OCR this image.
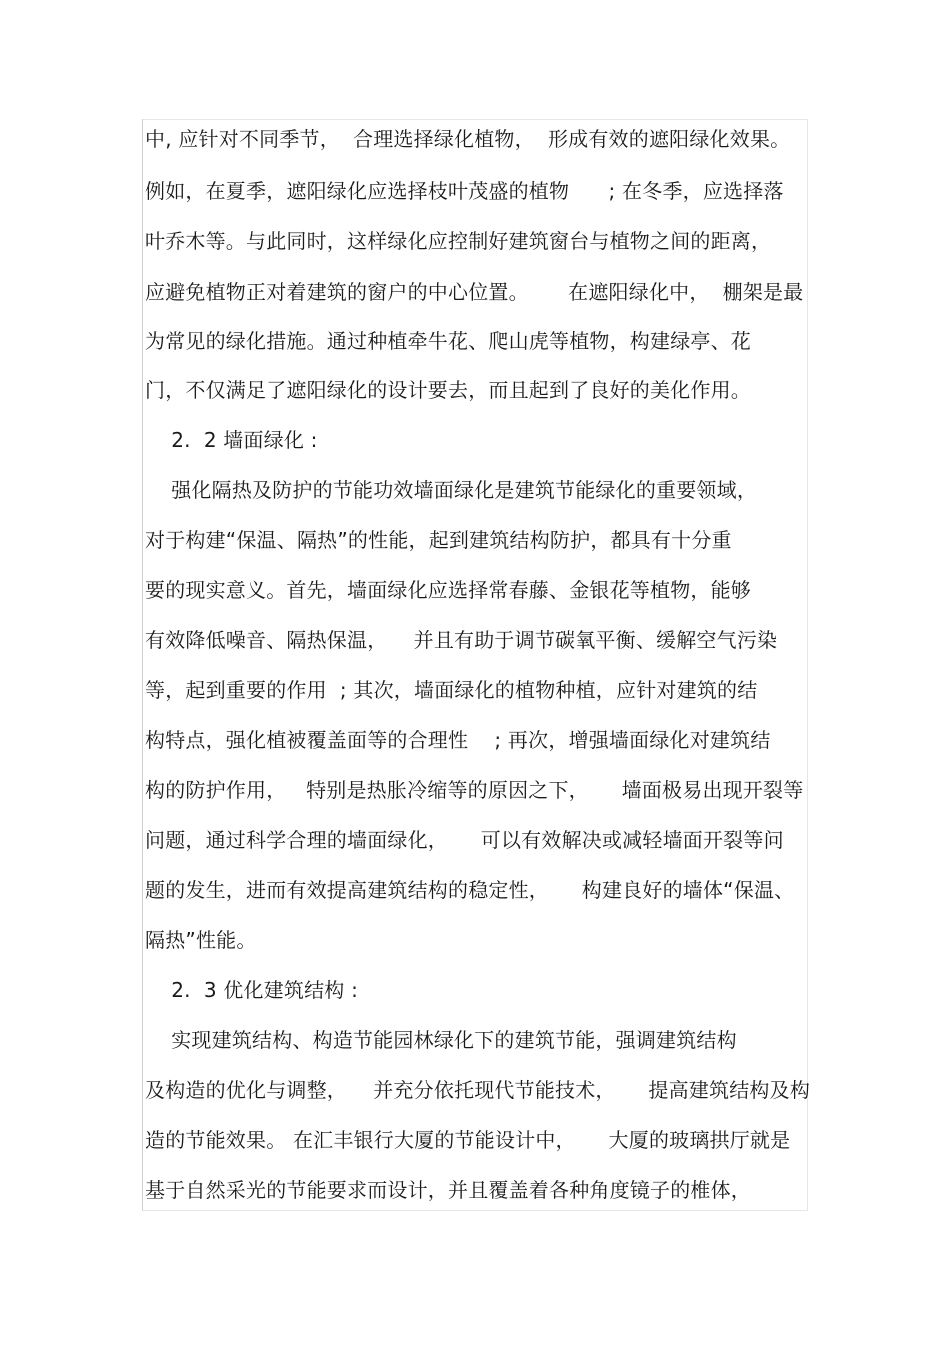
中, 应针对不同季节，  合理选择绿化植物，  形成有效的遮阳绿化效果。
例如，在夏季，遮阳绿化应选择枝叶茂盛的植物      ; 在冬季，应选择落
叶乔木等。与此同时，这样绿化应控制好建筑窗台与植物之间的距离，
应避免植物正对着建筑的窗户的中心位置。      在遮阳绿化中，  棚架是最
为常见的绿化措施。通过种植牵牛花、爬山虎等植物，构建绿亭、花
门，不仅满足了遮阳绿化的设计要去，而且起到了良好的美化作用。
2.  2 墙面绿化 :
强化隔热及防护的节能功效墙面绿化是建筑节能绿化的重要领域，
对于构建“保温、隔热”的性能，起到建筑结构防护，都具有十分重
要的现实意义。首先，墙面绿化应选择常春藤、金银花等植物，能够
有效降低噪音、隔热保温，    并且有助于调节碳氧平衡、缓解空气污染
等，起到重要的作用  ; 其次，墙面绿化的植物种植，应针对建筑的结
构特点，强化植被覆盖面等的合理性    ; 再次，增强墙面绿化对建筑结
构的防护作用，   特别是热胀冷缩等的原因之下，     墙面极易出现开裂等
问题，通过科学合理的墙面绿化，     可以有效解决或减轻墙面开裂等问
题的发生，进而有效提高建筑结构的稳定性，     构建良好的墙体“保温、
隔热”性能。
2.  3 优化建筑结构 :
实现建筑结构、构造节能园林绿化下的建筑节能，强调建筑结构
及构造的优化与调整，    并充分依托现代节能技术，     提高建筑结构及构
造的节能效果。 在汇丰银行大厦的节能设计中，     大厦的玻璃拱厅就是
基于自然采光的节能要求而设计，并且覆盖着各种角度镜子的椎体，
